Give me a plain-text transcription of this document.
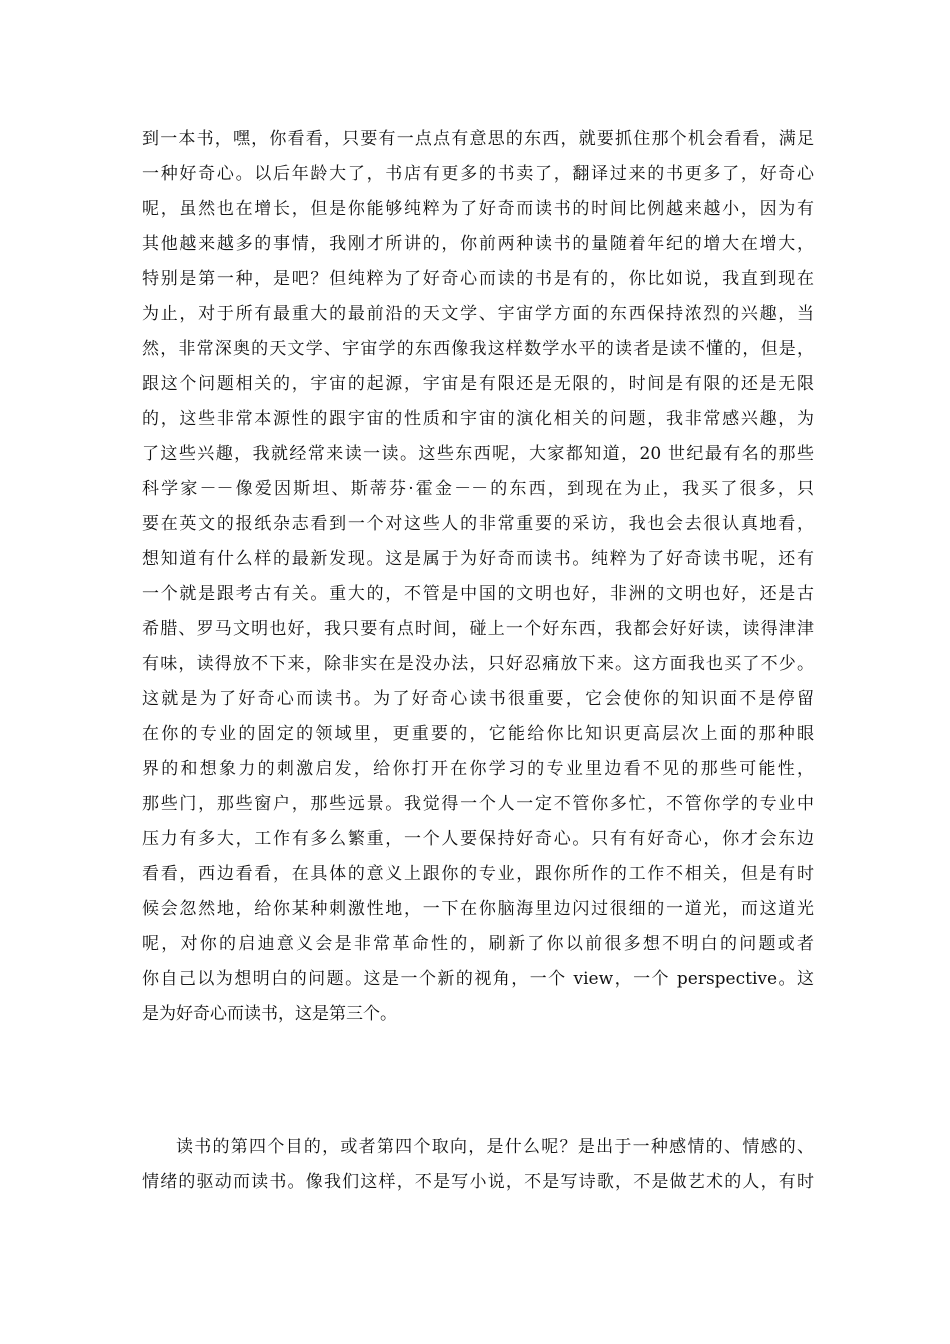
到一本书，嘿，你看看，只要有一点点有意思的东西，就要抓住那个机会看看，满足
一种好奇心。以后年龄大了，书店有更多的书卖了，翻译过来的书更多了，好奇心
呢，虽然也在增长，但是你能够纯粹为了好奇而读书的时间比例越来越小，因为有
其他越来越多的事情，我刚才所讲的，你前两种读书的量随着年纪的增大在增大，
特别是第一种，是吧？但纯粹为了好奇心而读的书是有的，你比如说，我直到现在
为止，对于所有最重大的最前沿的天文学、宇宙学方面的东西保持浓烈的兴趣，当
然，非常深奥的天文学、宇宙学的东西像我这样数学水平的读者是读不懂的，但是，
跟这个问题相关的，宇宙的起源，宇宙是有限还是无限的，时间是有限的还是无限
的，这些非常本源性的跟宇宙的性质和宇宙的演化相关的问题，我非常感兴趣，为
了这些兴趣，我就经常来读一读。这些东西呢，大家都知道，20 世纪最有名的那些
科学家－－像爱因斯坦、斯蒂芬·霍金－－的东西，到现在为止，我买了很多，只
要在英文的报纸杂志看到一个对这些人的非常重要的采访，我也会去很认真地看，
想知道有什么样的最新发现。这是属于为好奇而读书。纯粹为了好奇读书呢，还有
一个就是跟考古有关。重大的，不管是中国的文明也好，非洲的文明也好，还是古
希腊、罗马文明也好，我只要有点时间，碰上一个好东西，我都会好好读，读得津津
有味，读得放不下来，除非实在是没办法，只好忍痛放下来。这方面我也买了不少。
这就是为了好奇心而读书。为了好奇心读书很重要，它会使你的知识面不是停留
在你的专业的固定的领域里，更重要的，它能给你比知识更高层次上面的那种眼
界的和想象力的刺激启发，给你打开在你学习的专业里边看不见的那些可能性，
那些门，那些窗户，那些远景。我觉得一个人一定不管你多忙，不管你学的专业中
压力有多大，工作有多么繁重，一个人要保持好奇心。只有有好奇心，你才会东边
看看，西边看看，在具体的意义上跟你的专业，跟你所作的工作不相关，但是有时
候会忽然地，给你某种刺激性地，一下在你脑海里边闪过很细的一道光，而这道光
呢，对你的启迪意义会是非常革命性的，刷新了你以前很多想不明白的问题或者
你自己以为想明白的问题。这是一个新的视角，一个 view，一个 perspective。这
是为好奇心而读书，这是第三个。
读书的第四个目的，或者第四个取向，是什么呢？是出于一种感情的、情感的、
情绪的驱动而读书。像我们这样，不是写小说，不是写诗歌，不是做艺术的人，有时
